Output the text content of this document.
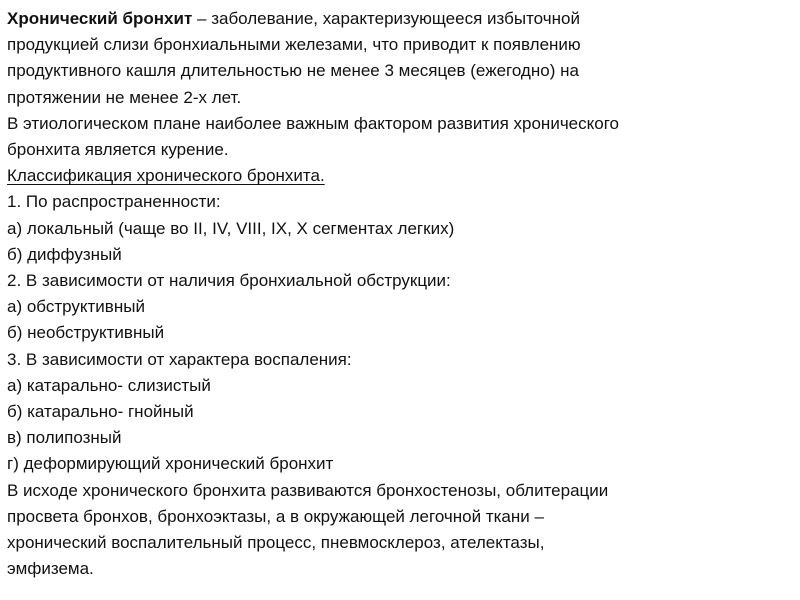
Хронический бронхит – заболевание, характеризующееся избыточной
продукцией слизи бронхиальными железами, что приводит к появлению
продуктивного кашля длительностью не менее 3 месяцев (ежегодно) на
протяжении не менее 2-х лет.
В этиологическом плане наиболее важным фактором развития хронического
бронхита является курение.
Классификация хронического бронхита.
1. По распространенности:
а) локальный (чаще во II, IV, VIII, IX, X сегментах легких)
б) диффузный
2. В зависимости от наличия бронхиальной обструкции:
а) обструктивный
б) необструктивный
3. В зависимости от характера воспаления:
а) катарально- слизистый
б) катарально- гнойный
в) полипозный
г) деформирующий хронический бронхит
В исходе хронического бронхита развиваются бронхостенозы, облитерации
просвета бронхов, бронхоэктазы, а в окружающей легочной ткани –
хронический воспалительный процесс, пневмосклероз, ателектазы,
эмфизема.
